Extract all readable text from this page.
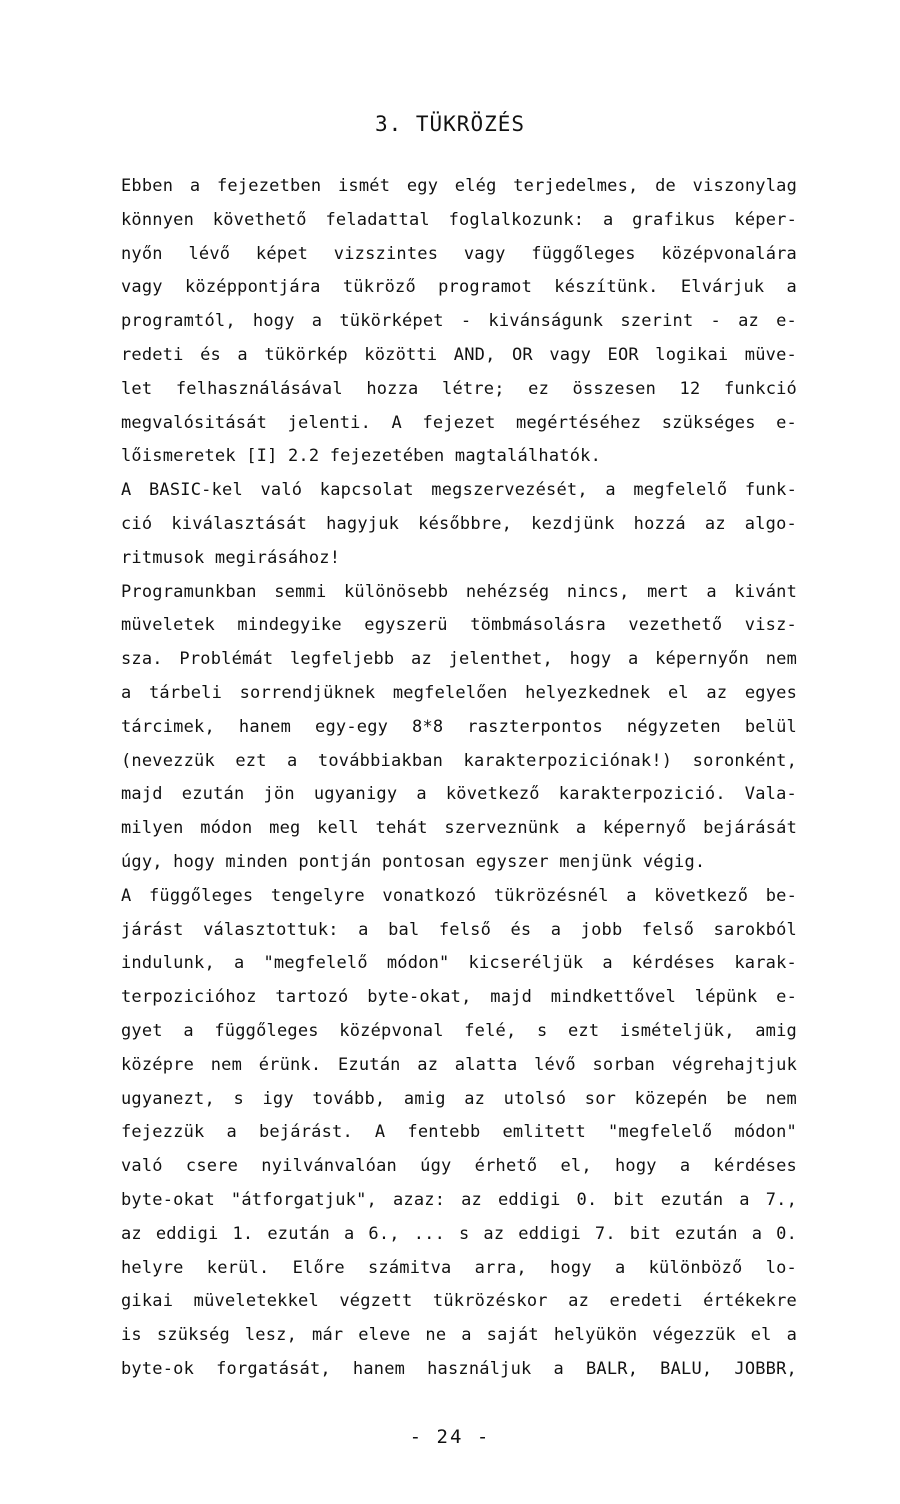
3. TÜKRÖZÉS
Ebben a fejezetben ismét egy elég terjedelmes, de viszonylag
könnyen követhető feladattal foglalkozunk: a grafikus képer-
nyőn lévő képet vizszintes vagy függőleges középvonalára
vagy középpontjára tükröző programot készítünk. Elvárjuk a
programtól, hogy a tükörképet - kivánságunk szerint - az e-
redeti és a tükörkép közötti AND, OR vagy EOR logikai müve-
let felhasználásával hozza létre; ez összesen 12 funkció
megvalósitását jelenti. A fejezet megértéséhez szükséges e-
lőismeretek [I] 2.2 fejezetében magtalálhatók.
A BASIC-kel való kapcsolat megszervezését, a megfelelő funk-
ció kiválasztását hagyjuk későbbre, kezdjünk hozzá az algo-
ritmusok megirásához!
Programunkban semmi különösebb nehézség nincs, mert a kivánt
müveletek mindegyike egyszerü tömbmásolásra vezethető visz-
sza. Problémát legfeljebb az jelenthet, hogy a képernyőn nem
a tárbeli sorrendjüknek megfelelően helyezkednek el az egyes
tárcimek, hanem egy-egy 8*8 raszterpontos négyzeten belül
(nevezzük ezt a továbbiakban karakterpoziciónak!) soronként,
majd ezután jön ugyanigy a következő karakterpozició. Vala-
milyen módon meg kell tehát szerveznünk a képernyő bejárását
úgy, hogy minden pontján pontosan egyszer menjünk végig.
A függőleges tengelyre vonatkozó tükrözésnél a következő be-
járást választottuk: a bal felső és a jobb felső sarokból
indulunk, a "megfelelő módon" kicseréljük a kérdéses karak-
terpozicióhoz tartozó byte-okat, majd mindkettővel lépünk e-
gyet a függőleges középvonal felé, s ezt ismételjük, amig
középre nem érünk. Ezután az alatta lévő sorban végrehajtjuk
ugyanezt, s igy tovább, amig az utolsó sor közepén be nem
fejezzük a bejárást. A fentebb emlitett "megfelelő módon"
való csere nyilvánvalóan úgy érhető el, hogy a kérdéses
byte-okat "átforgatjuk", azaz: az eddigi 0. bit ezután a 7.,
az eddigi 1. ezután a 6., ... s az eddigi 7. bit ezután a 0.
helyre kerül. Előre számitva arra, hogy a különböző lo-
gikai müveletekkel végzett tükrözéskor az eredeti értékekre
is szükség lesz, már eleve ne a saját helyükön végezzük el a
byte-ok forgatását, hanem használjuk a BALR, BALU, JOBBR,
- 24 -
